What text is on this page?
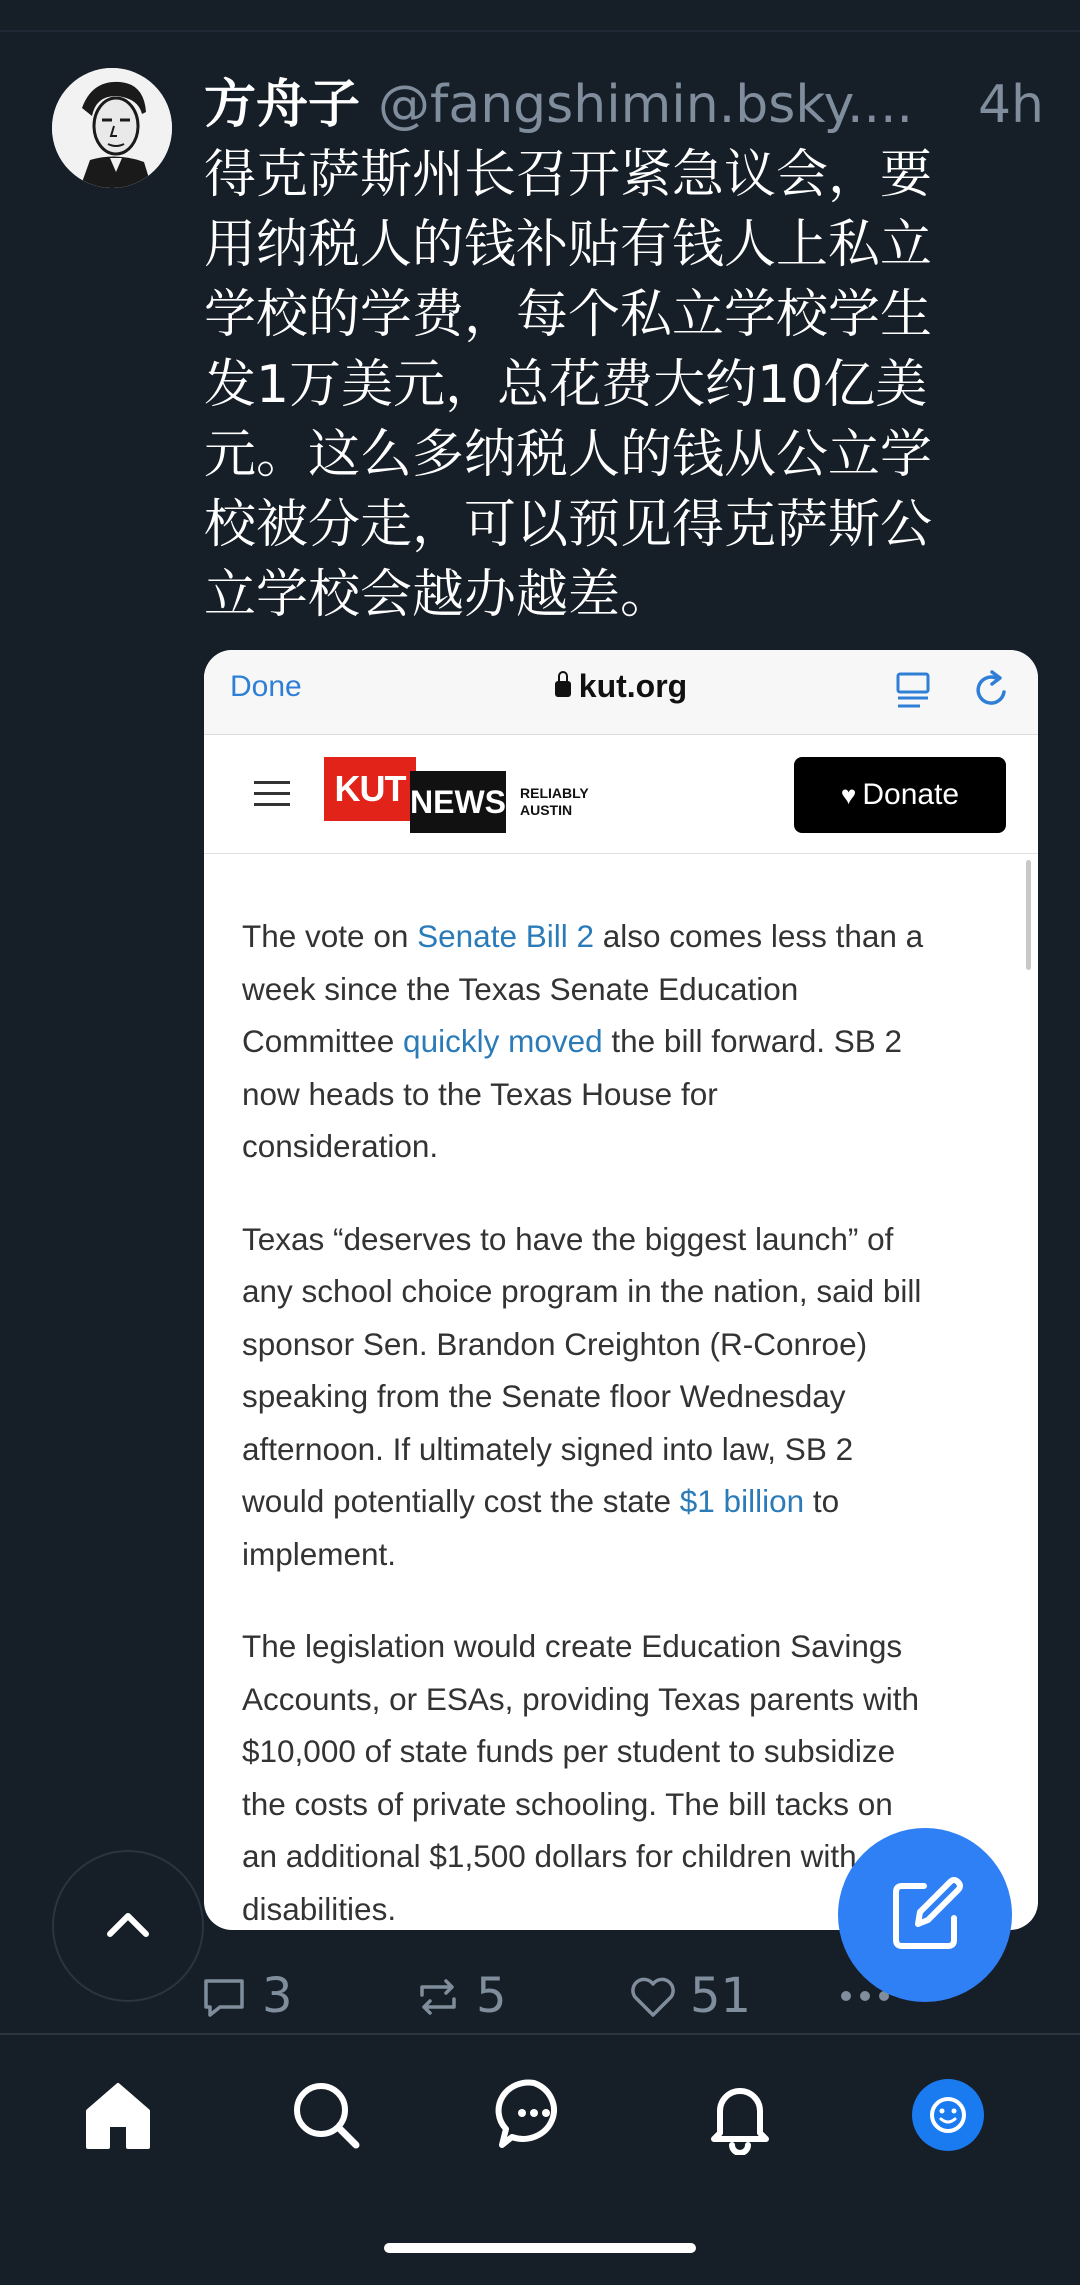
方舟子 @fangshimin.bsky.... 4h
得克萨斯州长召开紧急议会，要
用纳税人的钱补贴有钱人上私立
学校的学费，每个私立学校学生
发1万美元，总花费大约10亿美
元。这么多纳税人的钱从公立学
校被分走，可以预见得克萨斯公
立学校会越办越差。
Done	kut.org
KUT NEWS RELIABLY
AUSTIN	♥ Donate

The vote on Senate Bill 2 also comes less than a
week since the Texas Senate Education
Committee quickly moved the bill forward. SB 2
now heads to the Texas House for
consideration.

Texas “deserves to have the biggest launch” of
any school choice program in the nation, said bill
sponsor Sen. Brandon Creighton (R-Conroe)
speaking from the Senate floor Wednesday
afternoon. If ultimately signed into law, SB 2
would potentially cost the state $1 billion to
implement.

The legislation would create Education Savings
Accounts, or ESAs, providing Texas parents with
$10,000 of state funds per student to subsidize
the costs of private schooling. The bill tacks on
an additional $1,500 dollars for children with
disabilities.

3	5	51
